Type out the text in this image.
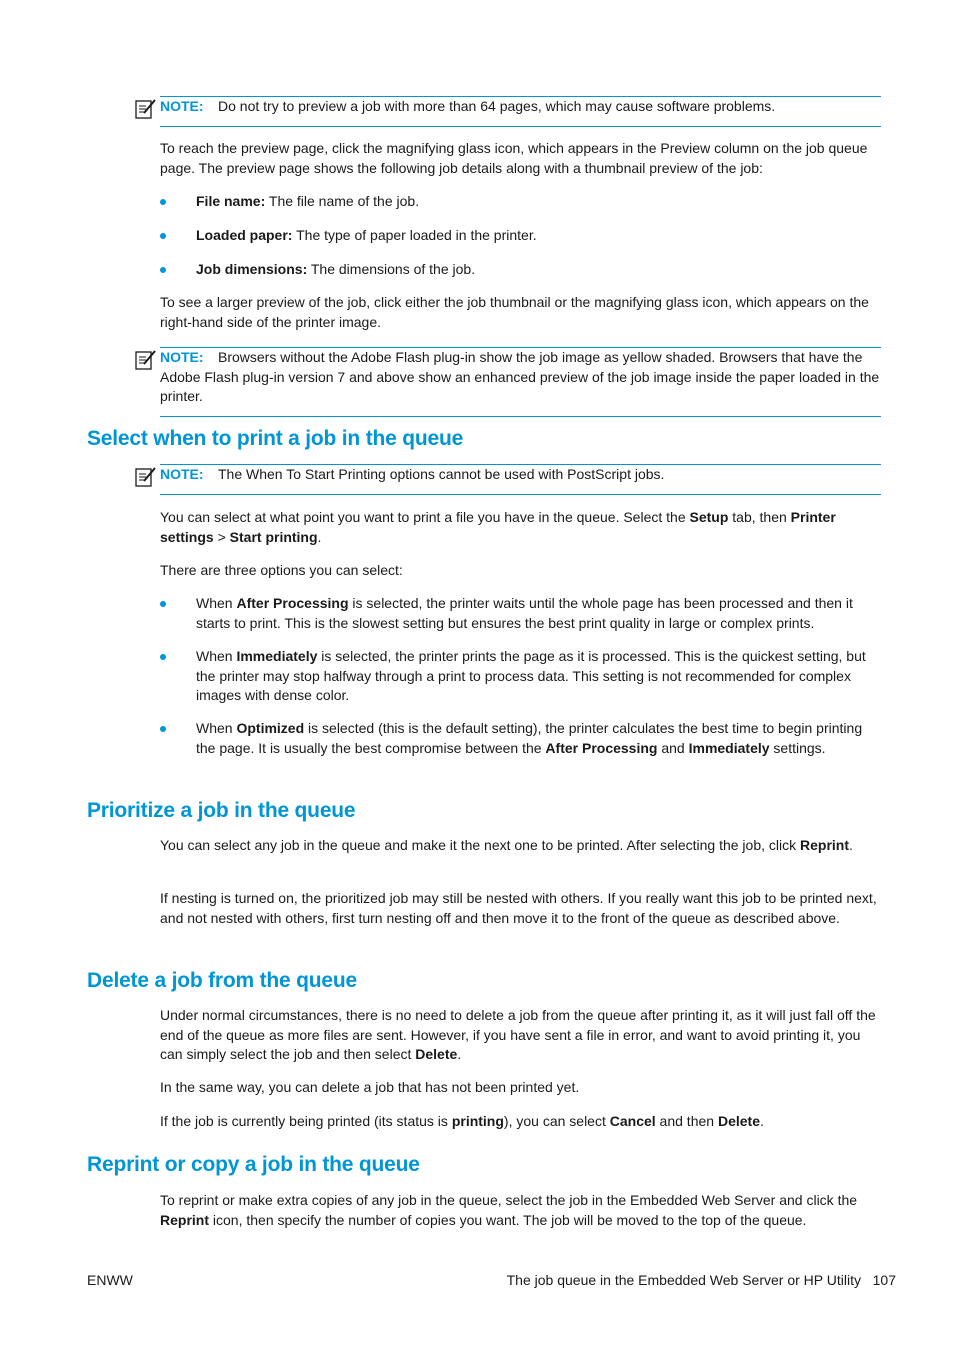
NOTE:	Do not try to preview a job with more than 64 pages, which may cause software problems.

To reach the preview page, click the magnifying glass icon, which appears in the Preview column on the job queue page. The preview page shows the following job details along with a thumbnail preview of the job:

File name: The file name of the job.
Loaded paper: The type of paper loaded in the printer.
Job dimensions: The dimensions of the job.

To see a larger preview of the job, click either the job thumbnail or the magnifying glass icon, which appears on the right-hand side of the printer image.

NOTE:	Browsers without the Adobe Flash plug-in show the job image as yellow shaded. Browsers that have the Adobe Flash plug-in version 7 and above show an enhanced preview of the job image inside the paper loaded in the printer.
Select when to print a job in the queue
NOTE:	The When To Start Printing options cannot be used with PostScript jobs.

You can select at what point you want to print a file you have in the queue. Select the Setup tab, then Printer settings > Start printing.

There are three options you can select:

When After Processing is selected, the printer waits until the whole page has been processed and then it starts to print. This is the slowest setting but ensures the best print quality in large or complex prints.
When Immediately is selected, the printer prints the page as it is processed. This is the quickest setting, but the printer may stop halfway through a print to process data. This setting is not recommended for complex images with dense color.
When Optimized is selected (this is the default setting), the printer calculates the best time to begin printing the page. It is usually the best compromise between the After Processing and Immediately settings.
Prioritize a job in the queue

You can select any job in the queue and make it the next one to be printed. After selecting the job, click Reprint.

If nesting is turned on, the prioritized job may still be nested with others. If you really want this job to be printed next, and not nested with others, first turn nesting off and then move it to the front of the queue as described above.

Delete a job from the queue

Under normal circumstances, there is no need to delete a job from the queue after printing it, as it will just fall off the end of the queue as more files are sent. However, if you have sent a file in error, and want to avoid printing it, you can simply select the job and then select Delete.

In the same way, you can delete a job that has not been printed yet.

If the job is currently being printed (its status is printing), you can select Cancel and then Delete.

Reprint or copy a job in the queue

To reprint or make extra copies of any job in the queue, select the job in the Embedded Web Server and click the Reprint icon, then specify the number of copies you want. The job will be moved to the top of the queue.

ENWW	The job queue in the Embedded Web Server or HP Utility 107
